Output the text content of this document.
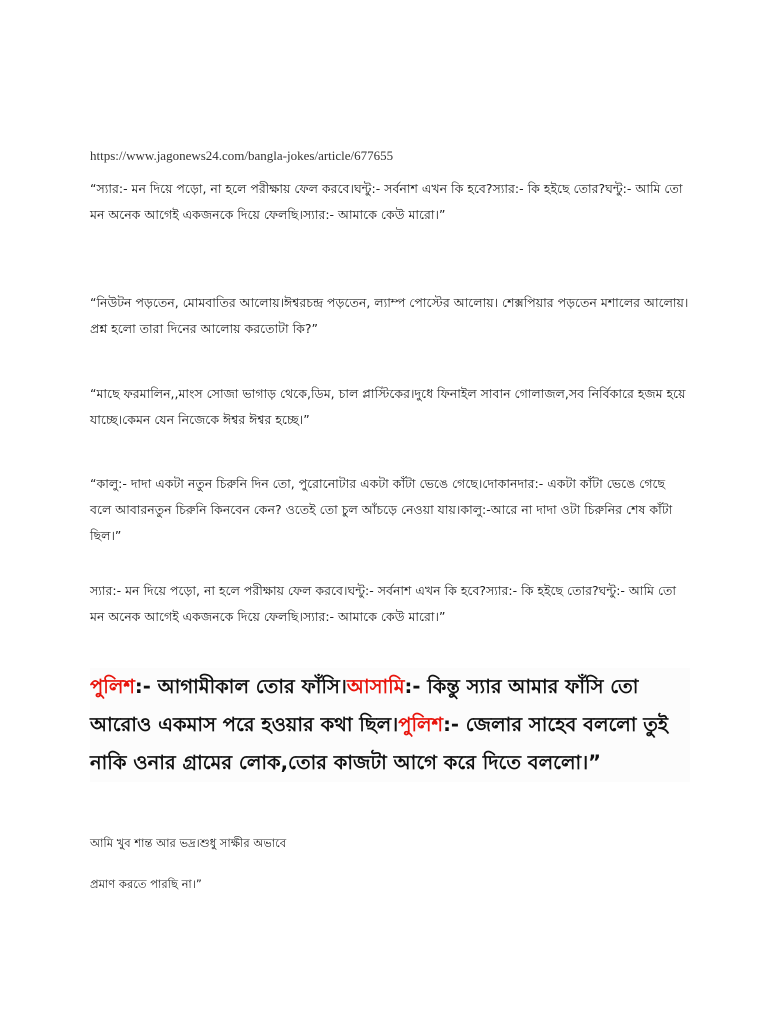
https://www.jagonews24.com/bangla-jokes/article/677655

“স্যার:- মন দিয়ে পড়ো, না হলে পরীক্ষায় ফেল করবে।ঘন্টু:- সর্বনাশ এখন কি হবে?স্যার:- কি হইছে তোর?ঘন্টু:- আমি তো মন অনেক আগেই একজনকে দিয়ে ফেলছি।স্যার:- আমাকে কেউ মারো।”

“নিউটন পড়তেন, মোমবাতির আলোয়।ঈশ্বরচন্দ্র পড়তেন, ল্যাম্প পোস্টের আলোয়। শেক্সপিয়ার পড়তেন মশালের আলোয়।প্রশ্ন হলো তারা দিনের আলোয় করতোটা কি?”

“মাছে ফরমালিন,,মাংস সোজা ভাগাড় থেকে,ডিম, চাল প্লাস্টিকের।দুধে ফিনাইল সাবান গোলাজল,সব নির্বিকারে হজম হয়ে যাচ্ছে।কেমন যেন নিজেকে ঈশ্বর ঈশ্বর হচ্ছে।”

“কালু:- দাদা একটা নতুন চিরুনি দিন তো, পুরোনোটার একটা কাঁটা ভেঙে গেছে।দোকানদার:- একটা কাঁটা ভেঙে গেছে বলে আবারনতুন চিরুনি কিনবেন কেন? ওতেই তো চুল আঁচড়ে নেওয়া যায়।কালু:-আরে না দাদা ওটা চিরুনির শেষ কাঁটা ছিল।”

স্যার:- মন দিয়ে পড়ো, না হলে পরীক্ষায় ফেল করবে।ঘন্টু:- সর্বনাশ এখন কি হবে?স্যার:- কি হইছে তোর?ঘন্টু:- আমি তো মন অনেক আগেই একজনকে দিয়ে ফেলছি।স্যার:- আমাকে কেউ মারো।”

পুলিশ:- আগামীকাল তোর ফাঁসি।আসামি:- কিন্তু স্যার আমার ফাঁসি তো আরোও একমাস পরে হওয়ার কথা ছিল।পুলিশ:- জেলার সাহেব বললো তুই নাকি ওনার গ্রামের লোক,তোর কাজটা আগে করে দিতে বললো।”

আমি খুব শান্ত আর ভদ্র।শুধু সাক্ষীর অভাবে
প্রমাণ করতে পারছি না।”
